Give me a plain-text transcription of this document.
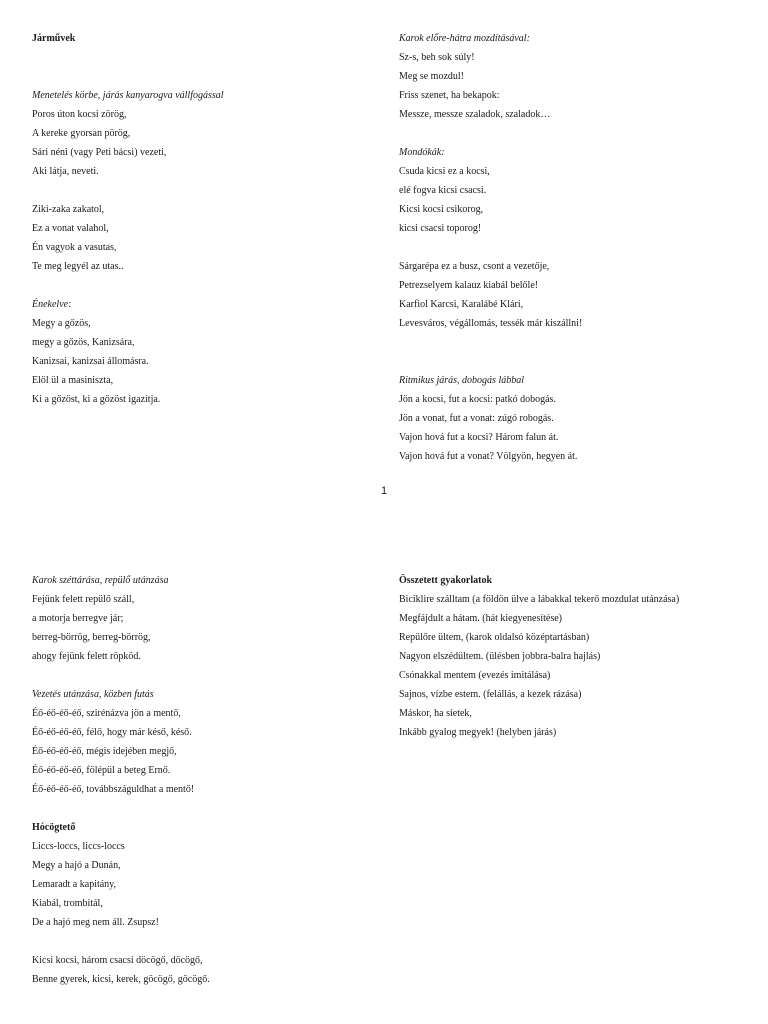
Járművek
Menetelés körbe, járás kanyarogva vállfogással
Poros úton kocsi zörög,
A kereke gyorsan pörög,
Sári néni (vagy Peti bácsi) vezeti,
Aki látja, neveti.
Ziki-zaka zakatol,
Ez a vonat valahol,
Én vagyok a vasutas,
Te meg legyél az utas..
Énekelve:
Megy a gőzös,
megy a gőzös, Kanizsára,
Kanizsai, kanizsai állomásra.
Elöl ül a masiniszta,
Ki a gőzöst, ki a gőzöst igazítja.
Karok előre-hátra mozdításával:
Sz-s, beh sok súly!
Meg se mozdul!
Friss szenet, ha bekapok:
Messze, messze szaladok, szaladok…
Mondókák:
Csuda kicsi ez a kocsi,
elé fogva kicsi csacsi.
Kicsi kocsi csikorog,
kicsi csacsi toporog!
Sárgarépa ez a busz, csont a vezetője,
Petrezselyem kalauz kiabál belőle!
Karfiol Karcsi, Karalábé Klári,
Levesváros, végállomás, tessék már kiszállni!
Ritmikus járás, dobogás lábbal
Jön a kocsi, fut a kocsi: patkó dobogás.
Jön a vonat, fut a vonat: zúgó robogás.
Vajon hová fut a kocsi? Három falun át.
Vajon hová fut a vonat? Völgyön, hegyen át.
1
Karok széttárása, repülő utánzása
Fejünk felett repülő száll,
a motorja berregve jár;
berreg-börrög, berreg-börrög,
ahogy fejünk felett röpköd.
Vezetés utánzása, közben futás
Éő-éő-éő-éő, szirénázva jön a mentő,
Éő-éő-éő-éő, félő, hogy már késő, késő.
Éő-éő-éő-éő, mégis idejében megjő,
Éő-éő-éő-éő, fölépül a beteg Ernő.
Éő-éő-éő-éő, továbbszáguldhat a mentő!
Hócögtető
Liccs-loccs, liccs-loccs
Megy a hajó a Dunán,
Lemaradt a kapitány,
Kiabál, trombitál,
De a hajó meg nem áll. Zsupsz!
Kicsi kocsi, három csacsi döcögő, döcögő,
Benne gyerek, kicsi, kerek, göcögő, göcögő.
Összetett gyakorlatok
Biciklire szálltam (a földön ülve a lábakkal tekerő mozdulat utánzása)
Megfájdult a hátam. (hát kiegyenesítése)
Repülőre ültem, (karok oldalsó középtartásban)
Nagyon elszédültem. (ülésben jobbra-balra hajlás)
Csónakkal mentem (evezés imitálása)
Sajnos, vízbe estem. (felállás, a kezek rázása)
Máskor, ha sietek,
Inkább gyalog megyek! (helyben járás)
